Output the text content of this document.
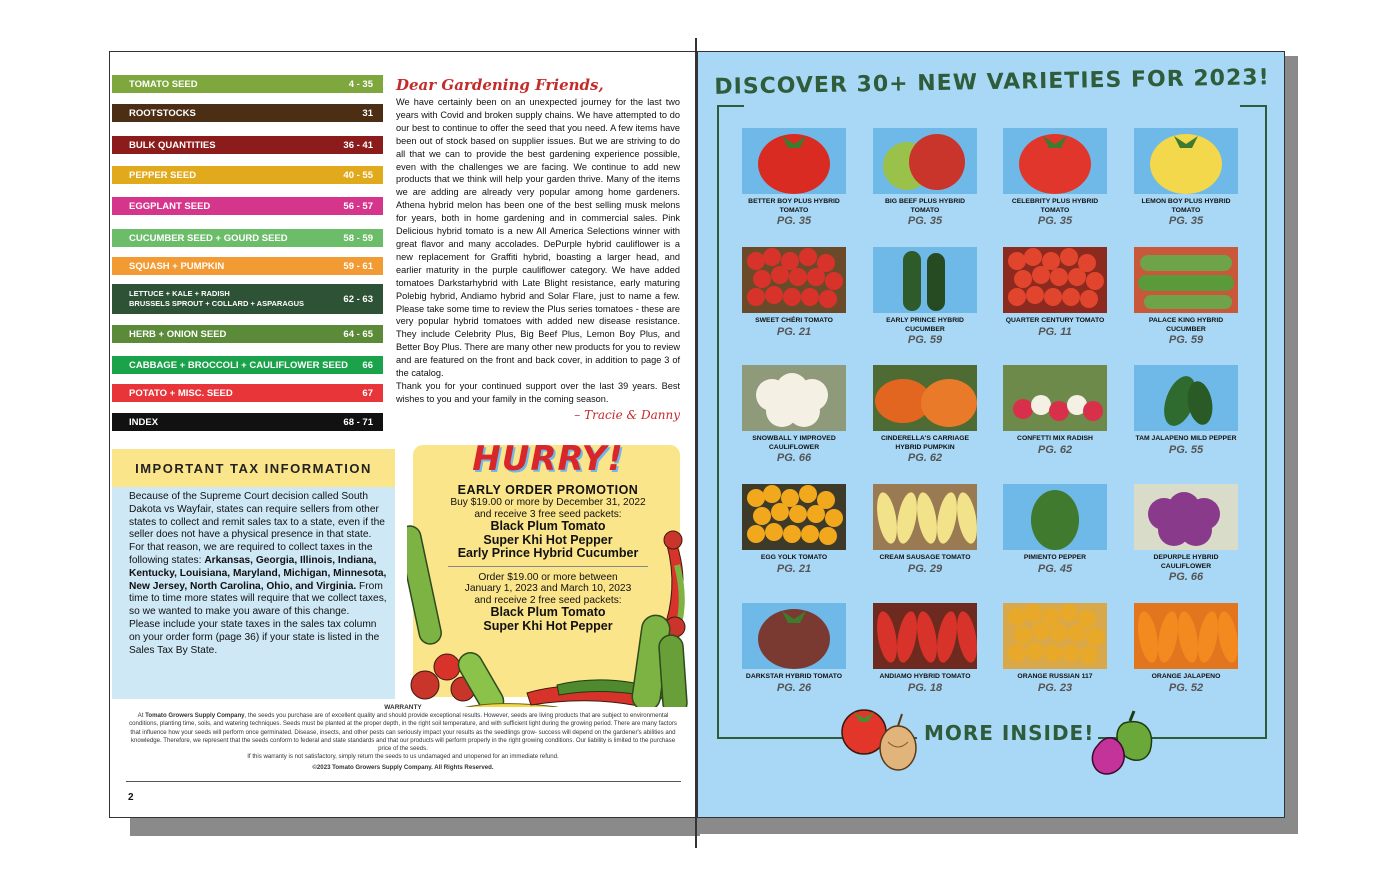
TOMATO SEED	4 - 35
ROOTSTOCKS	31
BULK QUANTITIES	36 - 41
PEPPER SEED	40 - 55
EGGPLANT SEED	56 - 57
CUCUMBER SEED + GOURD SEED	58 - 59
SQUASH + PUMPKIN	59 - 61
LETTUCE + KALE + RADISH
BRUSSELS SPROUT + COLLARD + ASPARAGUS	62 - 63
HERB + ONION SEED	64 - 65
CABBAGE + BROCCOLI + CAULIFLOWER SEED 66
POTATO + MISC. SEED	67
INDEX	68 - 71
Dear Gardening Friends,
We have certainly been on an unexpected journey for the last two years with Covid and broken supply chains. We have attempted to do our best to continue to offer the seed that you need. A few items have been out of stock based on supplier issues. But we are striving to do all that we can to provide the best gardening experience possible, even with the challenges we are facing. We continue to add new products that we think will help your garden thrive. Many of the items we are adding are already very popular among home gardeners. Athena hybrid melon has been one of the best selling musk melons for years, both in home gardening and in commercial sales. Pink Delicious hybrid tomato is a new All America Selections winner with great flavor and many accolades. DePurple hybrid cauliflower is a new replacement for Graffiti hybrid, boasting a larger head, and earlier maturity in the purple cauliflower category. We have added tomatoes Darkstarhybrid with Late Blight resistance, early maturing Polebig hybrid, Andiamo hybrid and Solar Flare, just to name a few. Please take some time to review the Plus series tomatoes - these are very popular hybrid tomatoes with added new disease resistance. They include Celebrity Plus, Big Beef Plus, Lemon Boy Plus, and Better Boy Plus. There are many other new products for you to review and are featured on the front and back cover, in addition to page 3 of the catalog.
Thank you for your continued support over the last 39 years. Best wishes to you and your family in the coming season.
– Tracie & Danny
IMPORTANT TAX INFORMATION
Because of the Supreme Court decision called South Dakota vs Wayfair, states can require sellers from other states to collect and remit sales tax to a state, even if the seller does not have a physical presence in that state.
For that reason, we are required to collect taxes in the following states: Arkansas, Georgia, Illinois, Indiana, Kentucky, Louisiana, Maryland, Michigan, Minnesota, New Jersey, North Carolina, Ohio, and Virginia. From time to time more states will require that we collect taxes, so we wanted to make you aware of this change.
Please include your state taxes in the sales tax column on your order form (page 36) if your state is listed in the Sales Tax By State.
HURRY!
EARLY ORDER PROMOTION
Buy $19.00 or more by December 31, 2022
and receive 3 free seed packets:
Black Plum Tomato
Super Khi Hot Pepper
Early Prince Hybrid Cucumber
Order $19.00 or more between
January 1, 2023 and March 10, 2023
and receive 2 free seed packets:
Black Plum Tomato
Super Khi Hot Pepper
WARRANTY
At Tomato Growers Supply Company, the seeds you purchase are of excellent quality and should provide exceptional results. However, seeds are living products that are subject to environmental conditions, planting time, soils, and watering techniques. Seeds must be planted at the proper depth, in the right soil temperature, and with sufficient light during the growing period. There are many factors that influence how your seeds will perform once germinated. Disease, insects, and other pests can seriously impact your results as the seedlings grow- success will depend on the gardener's abilities and knowledge. Therefore, we represent that the seeds conform to federal and state standards and that our products will perform properly in the right growing conditions. Our liability is limited to the purchase price of the seeds.
If this warranty is not satisfactory, simply return the seeds to us undamaged and unopened for an immediate refund.
©2023 Tomato Growers Supply Company. All Rights Reserved.
2
DISCOVER 30+ NEW VARIETIES FOR 2023!
BETTER BOY PLUS HYBRID TOMATO
PG. 35
BIG BEEF PLUS HYBRID TOMATO
PG. 35
CELEBRITY PLUS HYBRID TOMATO
PG. 35
LEMON BOY PLUS HYBRID TOMATO
PG. 35
SWEET CHÉRI TOMATO
PG. 21
EARLY PRINCE HYBRID CUCUMBER
PG. 59
QUARTER CENTURY TOMATO
PG. 11
PALACE KING HYBRID CUCUMBER
PG. 59
SNOWBALL Y IMPROVED CAULIFLOWER
PG. 66
CINDERELLA'S CARRIAGE HYBRID PUMPKIN
PG. 62
CONFETTI MIX RADISH
PG. 62
TAM JALAPENO MILD PEPPER
PG. 55
EGG YOLK TOMATO
PG. 21
CREAM SAUSAGE TOMATO
PG. 29
PIMIENTO PEPPER
PG. 45
DEPURPLE HYBRID CAULIFLOWER
PG. 66
DARKSTAR HYBRID TOMATO
PG. 26
ANDIAMO HYBRID TOMATO
PG. 18
ORANGE RUSSIAN 117
PG. 23
ORANGE JALAPENO
PG. 52
MORE INSIDE!
